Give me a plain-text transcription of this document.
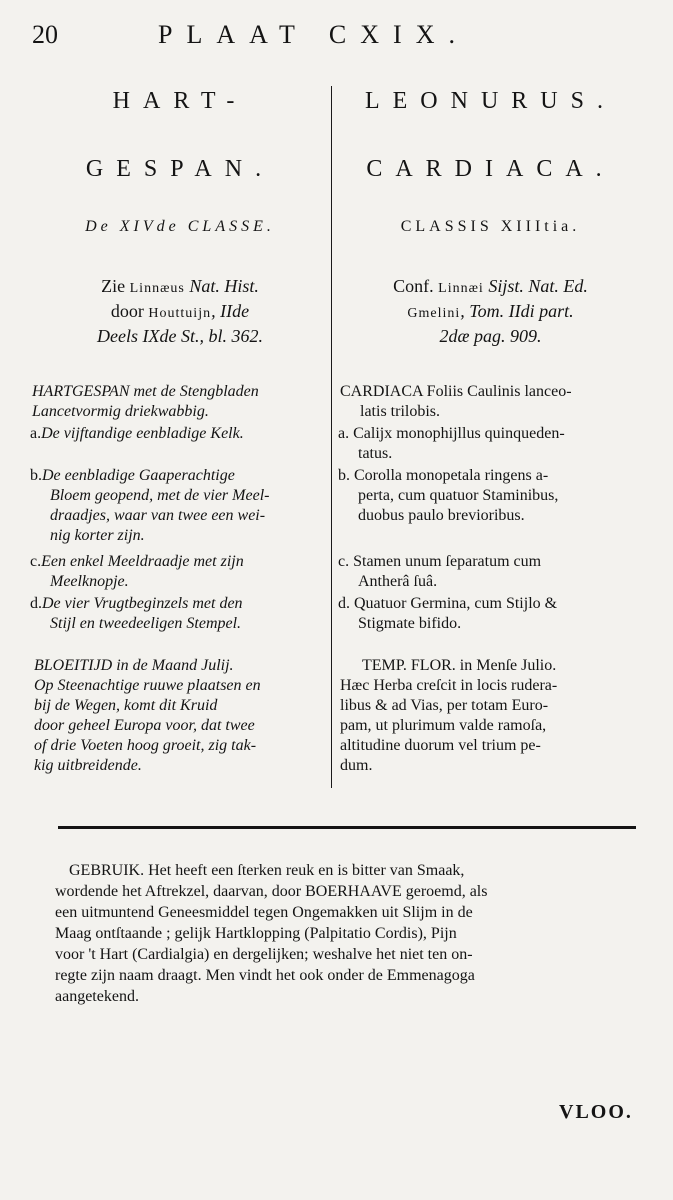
20	PLAAT CXIX.
HART-
GESPAN.
De XIVde CLASSE.
Zie Linnæus Nat. Hist.
door Houttuijn, IIde
Deels IXde St., bl. 362.
HARTGESPAN met de Stengbladen
Lancetvormig driekwabbig.
a.De vijftandige eenbladige Kelk.
b.De eenbladige Gaaperachtige
Bloem geopend, met de vier Meel-
draadjes, waar van twee een wei-
nig korter zijn.
c.Een enkel Meeldraadje met zijn
Meelknopje.
d.De vier Vrugtbeginzels met den
Stijl en tweedeeligen Stempel.
BLOEITIJD in de Maand Julij.
Op Steenachtige ruuwe plaatsen en
bij de Wegen, komt dit Kruid
door geheel Europa voor, dat twee
of drie Voeten hoog groeit, zig tak-
kig uitbreidende.
LEONURUS.
CARDIACA.
CLASSIS XIIItia.
Conf. Linnæi Sijst. Nat. Ed.
Gmelini, Tom. IIdi part.
2dæ pag. 909.
CARDIACA Foliis Caulinis lanceo-
latis trilobis.
a. Calijx monophijllus quinqueden-
tatus.
b. Corolla monopetala ringens a-
perta, cum quatuor Staminibus,
duobus paulo brevioribus.
c. Stamen unum ſeparatum cum
Antherâ ſuâ.
d. Quatuor Germina, cum Stijlo &
Stigmate bifido.
TEMP. FLOR. in Menſe Julio.
Hæc Herba creſcit in locis rudera-
libus & ad Vias, per totam Euro-
pam, ut plurimum valde ramoſa,
altitudine duorum vel trium pe-
dum.
GEBRUIK. Het heeft een ſterken reuk en is bitter van Smaak,
wordende het Aftrekzel, daarvan, door BOERHAAVE geroemd, als
een uitmuntend Geneesmiddel tegen Ongemakken uit Slijm in de
Maag ontſtaande ; gelijk Hartklopping (Palpitatio Cordis), Pijn
voor 't Hart (Cardialgia) en dergelijken; weshalve het niet ten on-
regte zijn naam draagt. Men vindt het ook onder de Emmenagoga
aangetekend.
VLOO.
